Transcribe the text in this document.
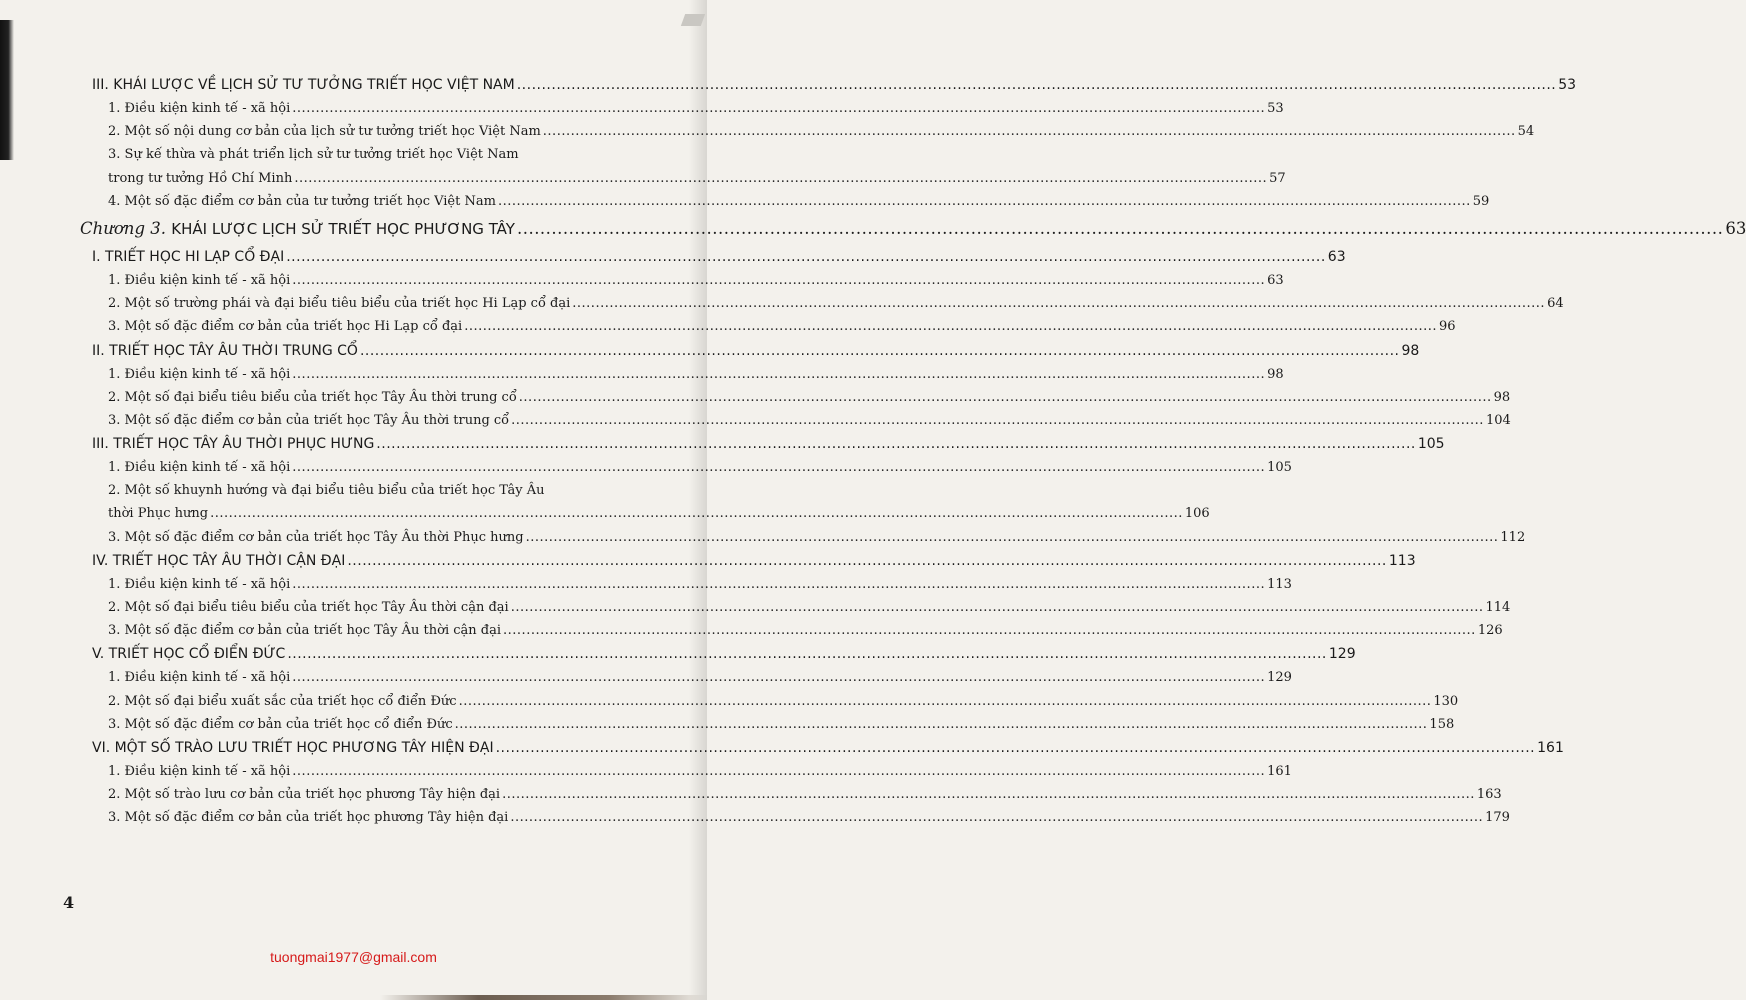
III. KHÁI LƯỢC VỀ LỊCH SỬ TƯ TƯỞNG TRIẾT HỌC VIỆT NAM .....	53
1. Điều kiện kinh tế - xã hội .....	53
2. Một số nội dung cơ bản của lịch sử tư tưởng triết học Việt Nam .....	54
3. Sự kế thừa và phát triển lịch sử tư tưởng triết học Việt Nam
trong tư tưởng Hồ Chí Minh .....	57
4. Một số đặc điểm cơ bản của tư tưởng triết học Việt Nam .....	59
Chương 3. KHÁI LƯỢC LỊCH SỬ TRIẾT HỌC PHƯƠNG TÂY .....	63
I. TRIẾT HỌC HI LẠP CỔ ĐẠI .....	63
1. Điều kiện kinh tế - xã hội .....	63
2. Một số trường phái và đại biểu tiêu biểu của triết học Hi Lạp cổ đại .....	64
3. Một số đặc điểm cơ bản của triết học Hi Lạp cổ đại .....	96
II. TRIẾT HỌC TÂY ÂU THỜI TRUNG CỔ .....	98
1. Điều kiện kinh tế - xã hội .....	98
2. Một số đại biểu tiêu biểu của triết học Tây Âu thời trung cổ .....	98
3. Một số đặc điểm cơ bản của triết học Tây Âu thời trung cổ .....	104
III. TRIẾT HỌC TÂY ÂU THỜI PHỤC HƯNG .....	105
1. Điều kiện kinh tế - xã hội .....	105
2. Một số khuynh hướng và đại biểu tiêu biểu của triết học Tây Âu
thời Phục hưng .....	106
3. Một số đặc điểm cơ bản của triết học Tây Âu thời Phục hưng .....	112
IV. TRIẾT HỌC TÂY ÂU THỜI CẬN ĐẠI .....	113
1. Điều kiện kinh tế - xã hội .....	113
2. Một số đại biểu tiêu biểu của triết học Tây Âu thời cận đại .....	114
3. Một số đặc điểm cơ bản của triết học Tây Âu thời cận đại .....	126
V. TRIẾT HỌC CỔ ĐIỂN ĐỨC .....	129
1. Điều kiện kinh tế - xã hội .....	129
2. Một số đại biểu xuất sắc của triết học cổ điển Đức .....	130
3. Một số đặc điểm cơ bản của triết học cổ điển Đức .....	158
VI. MỘT SỐ TRÀO LƯU TRIẾT HỌC PHƯƠNG TÂY HIỆN ĐẠI .....	161
1. Điều kiện kinh tế - xã hội .....	161
2. Một số trào lưu cơ bản của triết học phương Tây hiện đại .....	163
3. Một số đặc điểm cơ bản của triết học phương Tây hiện đại .....	179
4
tuongmai1977@gmail.com
